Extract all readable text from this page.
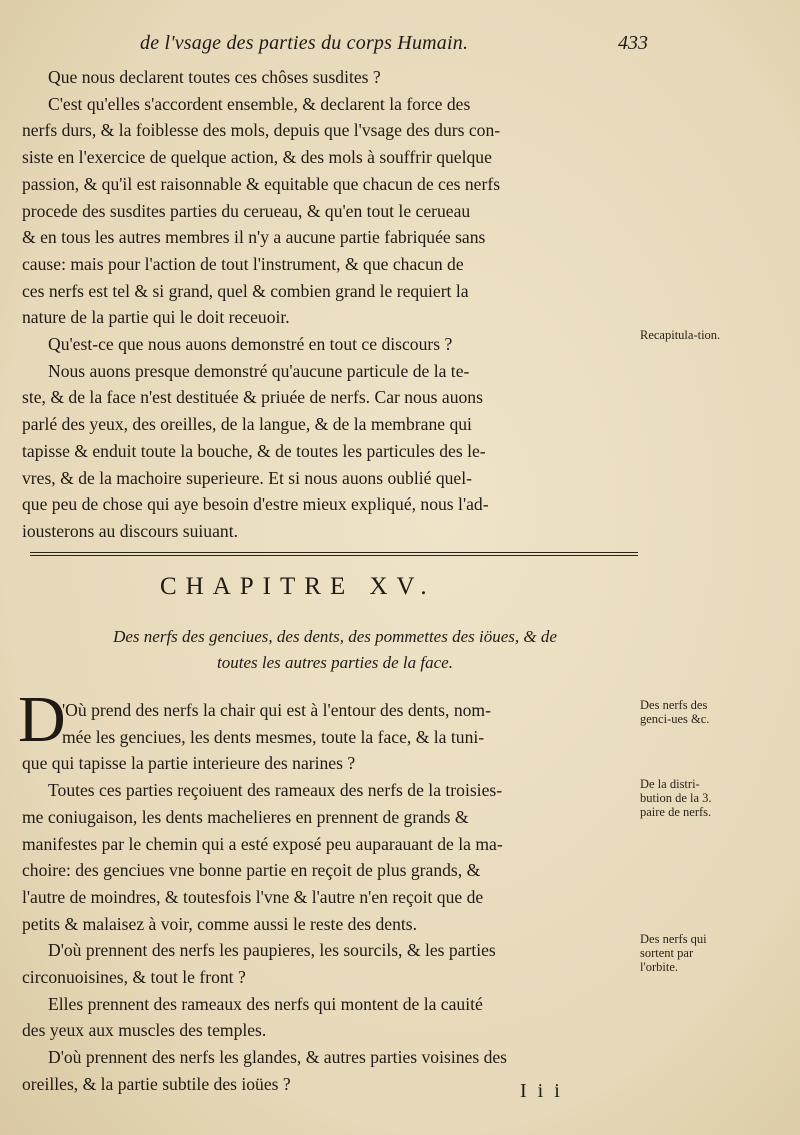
de l'vsage des parties du corps Humain.	433
Que nous declarent toutes ces chôses susdites ?
C'est qu'elles s'accordent ensemble, & declarent la force des
nerfs durs, & la foiblesse des mols, depuis que l'vsage des durs con-
siste en l'exercice de quelque action, & des mols à souffrir quelque
passion, & qu'il est raisonnable & equitable que chacun de ces nerfs
procede des susdites parties du cerueau, & qu'en tout le cerueau
& en tous les autres membres il n'y a aucune partie fabriquée sans
cause: mais pour l'action de tout l'instrument, & que chacun de
ces nerfs est tel & si grand, quel & combien grand le requiert la
nature de la partie qui le doit receuoir.
Qu'est-ce que nous auons demonstré en tout ce discours ?
Nous auons presque demonstré qu'aucune particule de la te-
ste, & de la face n'est destituée & priuée de nerfs. Car nous auons
parlé des yeux, des oreilles, de la langue, & de la membrane qui
tapisse & enduit toute la bouche, & de toutes les particules des le-
vres, & de la machoire superieure. Et si nous auons oublié quel-
que peu de chose qui aye besoin d'estre mieux expliqué, nous l'ad-
iousterons au discours suiuant.
Recapitula-tion.
CHAPITRE XV.
Des nerfs des genciues, des dents, des pommettes des iöues, & de
toutes les autres parties de la face.
D
'Où prend des nerfs la chair qui est à l'entour des dents, nom-
mée les genciues, les dents mesmes, toute la face, & la tuni-
que qui tapisse la partie interieure des narines ?
Toutes ces parties reçoiuent des rameaux des nerfs de la troisies-
me coniugaison, les dents machelieres en prennent de grands &
manifestes par le chemin qui a esté exposé peu auparauant de la ma-
choire: des genciues vne bonne partie en reçoit de plus grands, &
l'autre de moindres, & toutesfois l'vne & l'autre n'en reçoit que de
petits & malaisez à voir, comme aussi le reste des dents.
D'où prennent des nerfs les paupieres, les sourcils, & les parties
circonuoisines, & tout le front ?
Elles prennent des rameaux des nerfs qui montent de la cauité
des yeux aux muscles des temples.
D'où prennent des nerfs les glandes, & autres parties voisines des
oreilles, & la partie subtile des ioües ?
Des nerfs des genci-ues &c.
De la distri-bution de la 3. paire de nerfs.
Des nerfs qui sortent par l'orbite.
I i i
